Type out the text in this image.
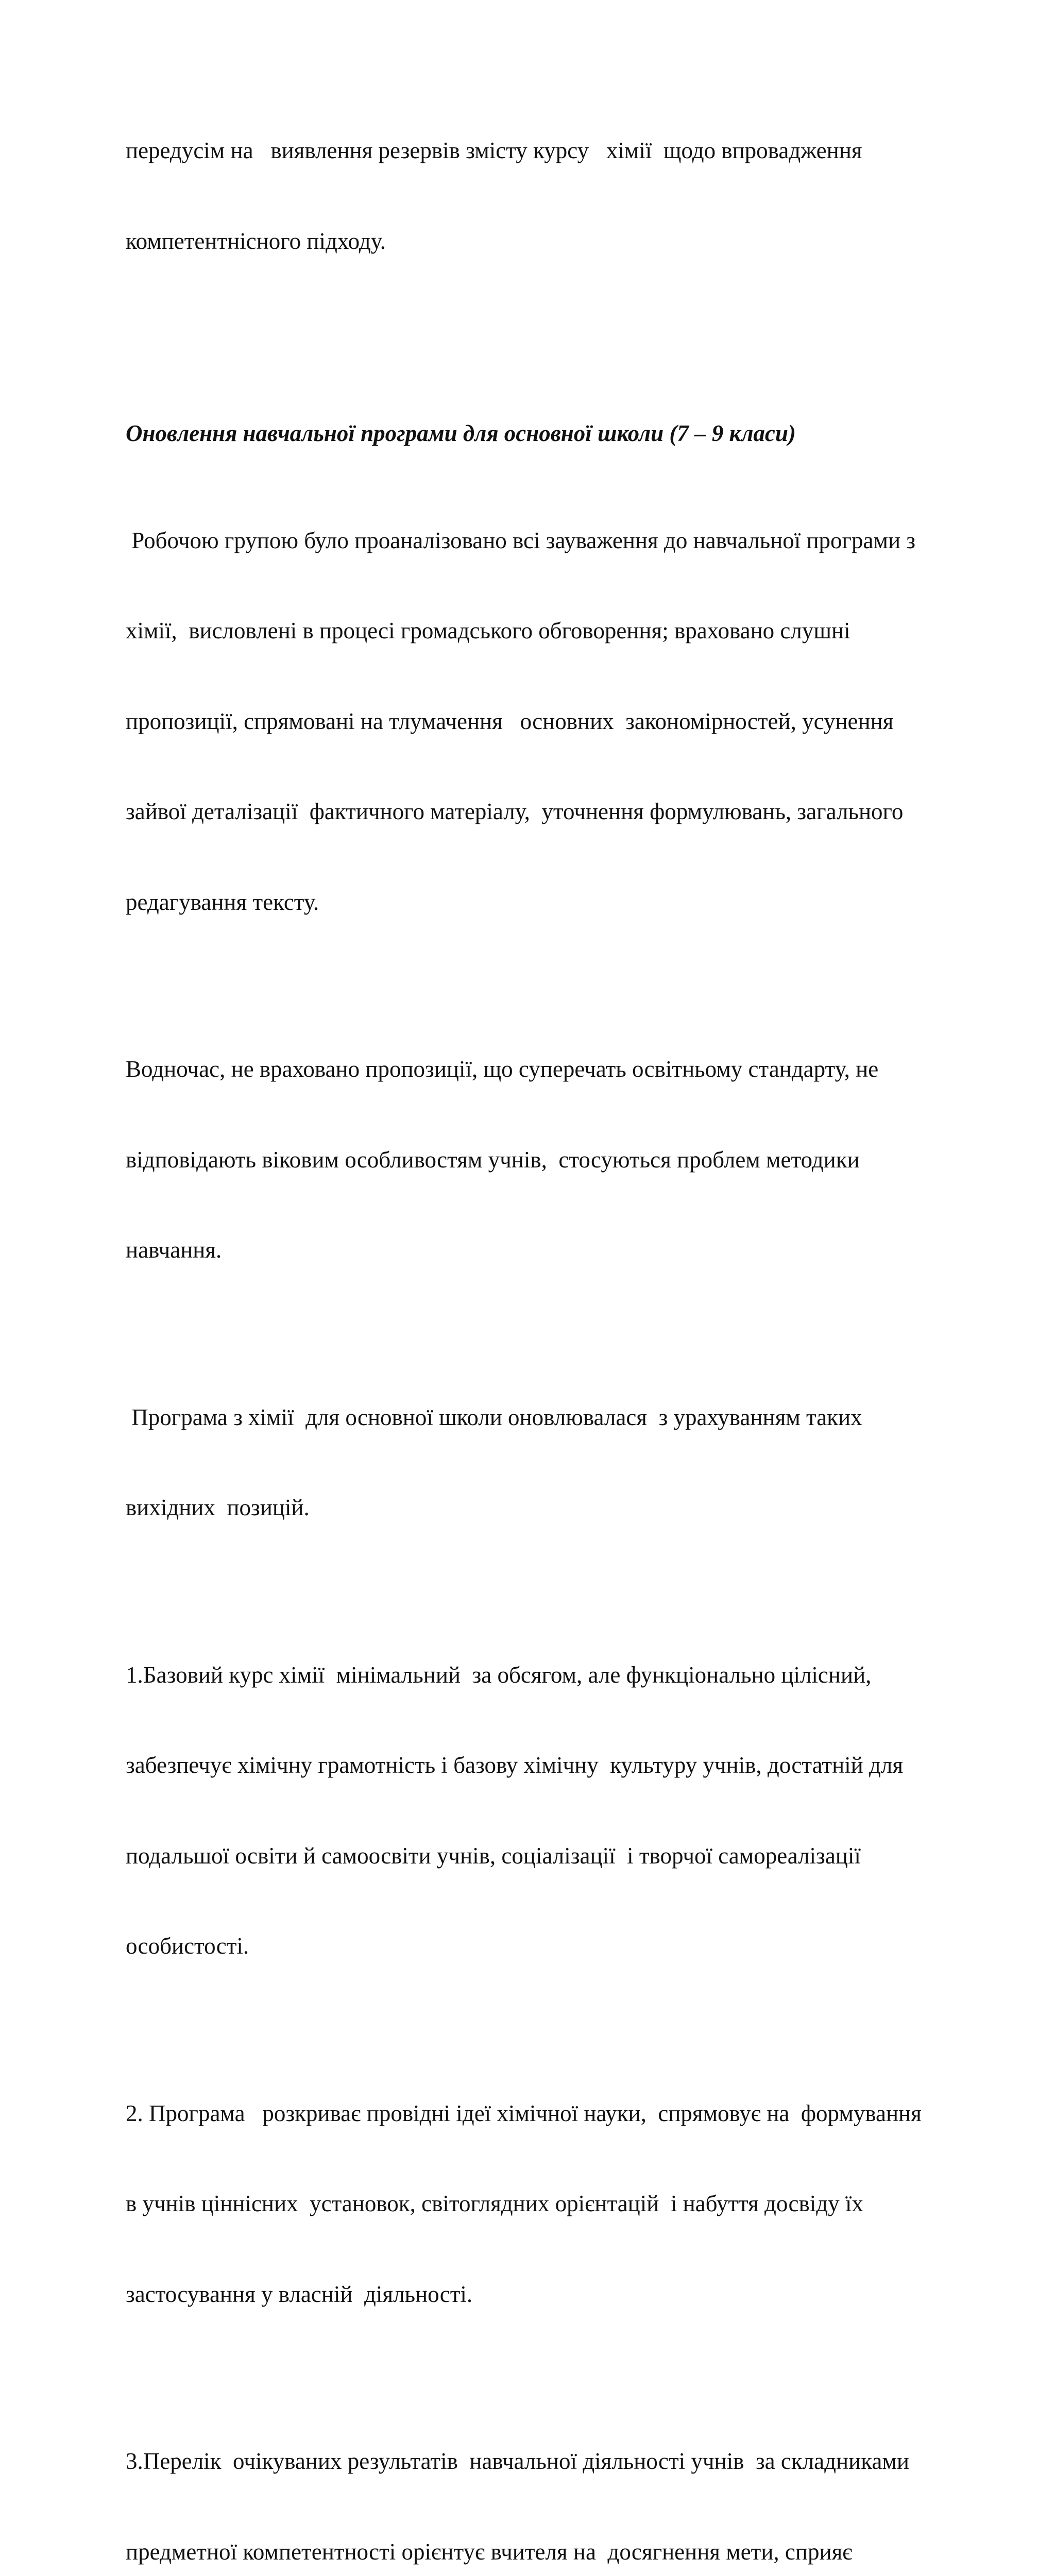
передусім на   виявлення резервів змісту курсу   хімії  щодо впровадження

компетентнісного підходу.

Оновлення навчальної програми для основної школи (7 – 9 класи)

Робочою групою було проаналізовано всі зауваження до навчальної програми з

хімії,  висловлені в процесі громадського обговорення; враховано слушні

пропозиції, спрямовані на тлумачення   основних  закономірностей, усунення

зайвої деталізації  фактичного матеріалу,  уточнення формулювань, загального

редагування тексту.

Водночас, не враховано пропозиції, що суперечать освітньому стандарту, не

відповідають віковим особливостям учнів,  стосуються проблем методики

навчання.

Програма з хімії  для основної школи оновлювалася  з урахуванням таких

вихідних  позицій.

1.Базовий курс хімії  мінімальний  за обсягом, але функціонально цілісний,

забезпечує хімічну грамотність і базову хімічну  культуру учнів, достатній для

подальшої освіти й самоосвіти учнів, соціалізації  і творчої самореалізації

особистості.

2. Програма   розкриває провідні ідеї хімічної науки,  спрямовує на  формування

в учнів ціннісних  установок, світоглядних орієнтацій  і набуття досвіду їх

застосування у власній  діяльності.

3.Перелік  очікуваних результатів  навчальної діяльності учнів  за складниками

предметної компетентності орієнтує вчителя на  досягнення мети, сприяє
